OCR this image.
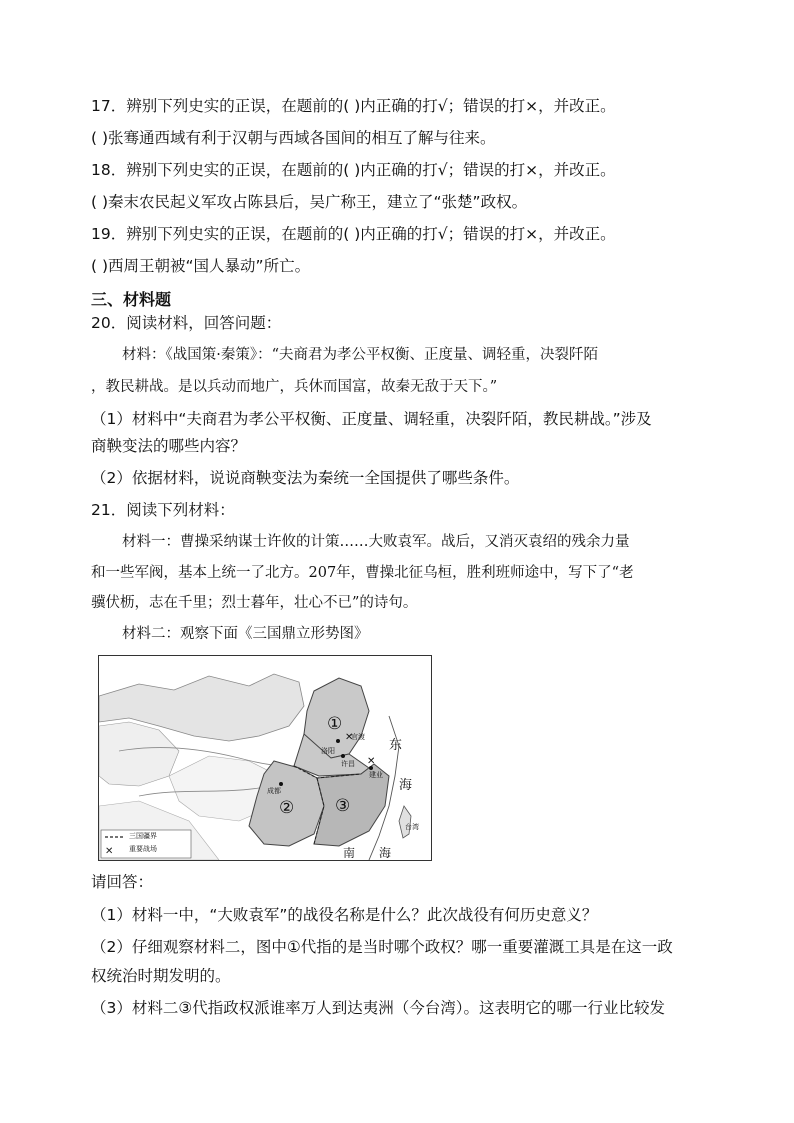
17．辨别下列史实的正误，在题前的( )内正确的打√；错误的打×，并改正。
( )张骞通西域有利于汉朝与西域各国间的相互了解与往来。
18．辨别下列史实的正误，在题前的( )内正确的打√；错误的打×，并改正。
( )秦末农民起义军攻占陈县后，吴广称王，建立了“张楚”政权。
19．辨别下列史实的正误，在题前的( )内正确的打√；错误的打×，并改正。
( )西周王朝被“国人暴动”所亡。
三、材料题
20．阅读材料，回答问题：
材料：《战国策·秦策》：“夫商君为孝公平权衡、正度量、调轻重，决裂阡陌
，教民耕战。是以兵动而地广，兵休而国富，故秦无敌于天下。”
（1）材料中“夫商君为孝公平权衡、正度量、调轻重，决裂阡陌，教民耕战。”涉及
商鞅变法的哪些内容？
（2）依据材料，说说商鞅变法为秦统一全国提供了哪些条件。
21．阅读下列材料：
材料一：曹操采纳谋士许攸的计策……大败袁军。战后，又消灭袁绍的残余力量
和一些军阀，基本上统一了北方。207年，曹操北征乌桓，胜利班师途中，写下了“老
骥伏枥，志在千里；烈士暮年，壮心不已”的诗句。
材料二：观察下面《三国鼎立形势图》
✕
✕
✕
①
② ③
东
海
南　　海
成都
许昌
建业
官渡
洛阳
台湾
三国疆界
重要战场
请回答：
（1）材料一中，“大败袁军”的战役名称是什么？此次战役有何历史意义？
（2）仔细观察材料二，图中①代指的是当时哪个政权？哪一重要灌溉工具是在这一政
权统治时期发明的。
（3）材料二③代指政权派谁率万人到达夷洲（今台湾）。这表明它的哪一行业比较发
